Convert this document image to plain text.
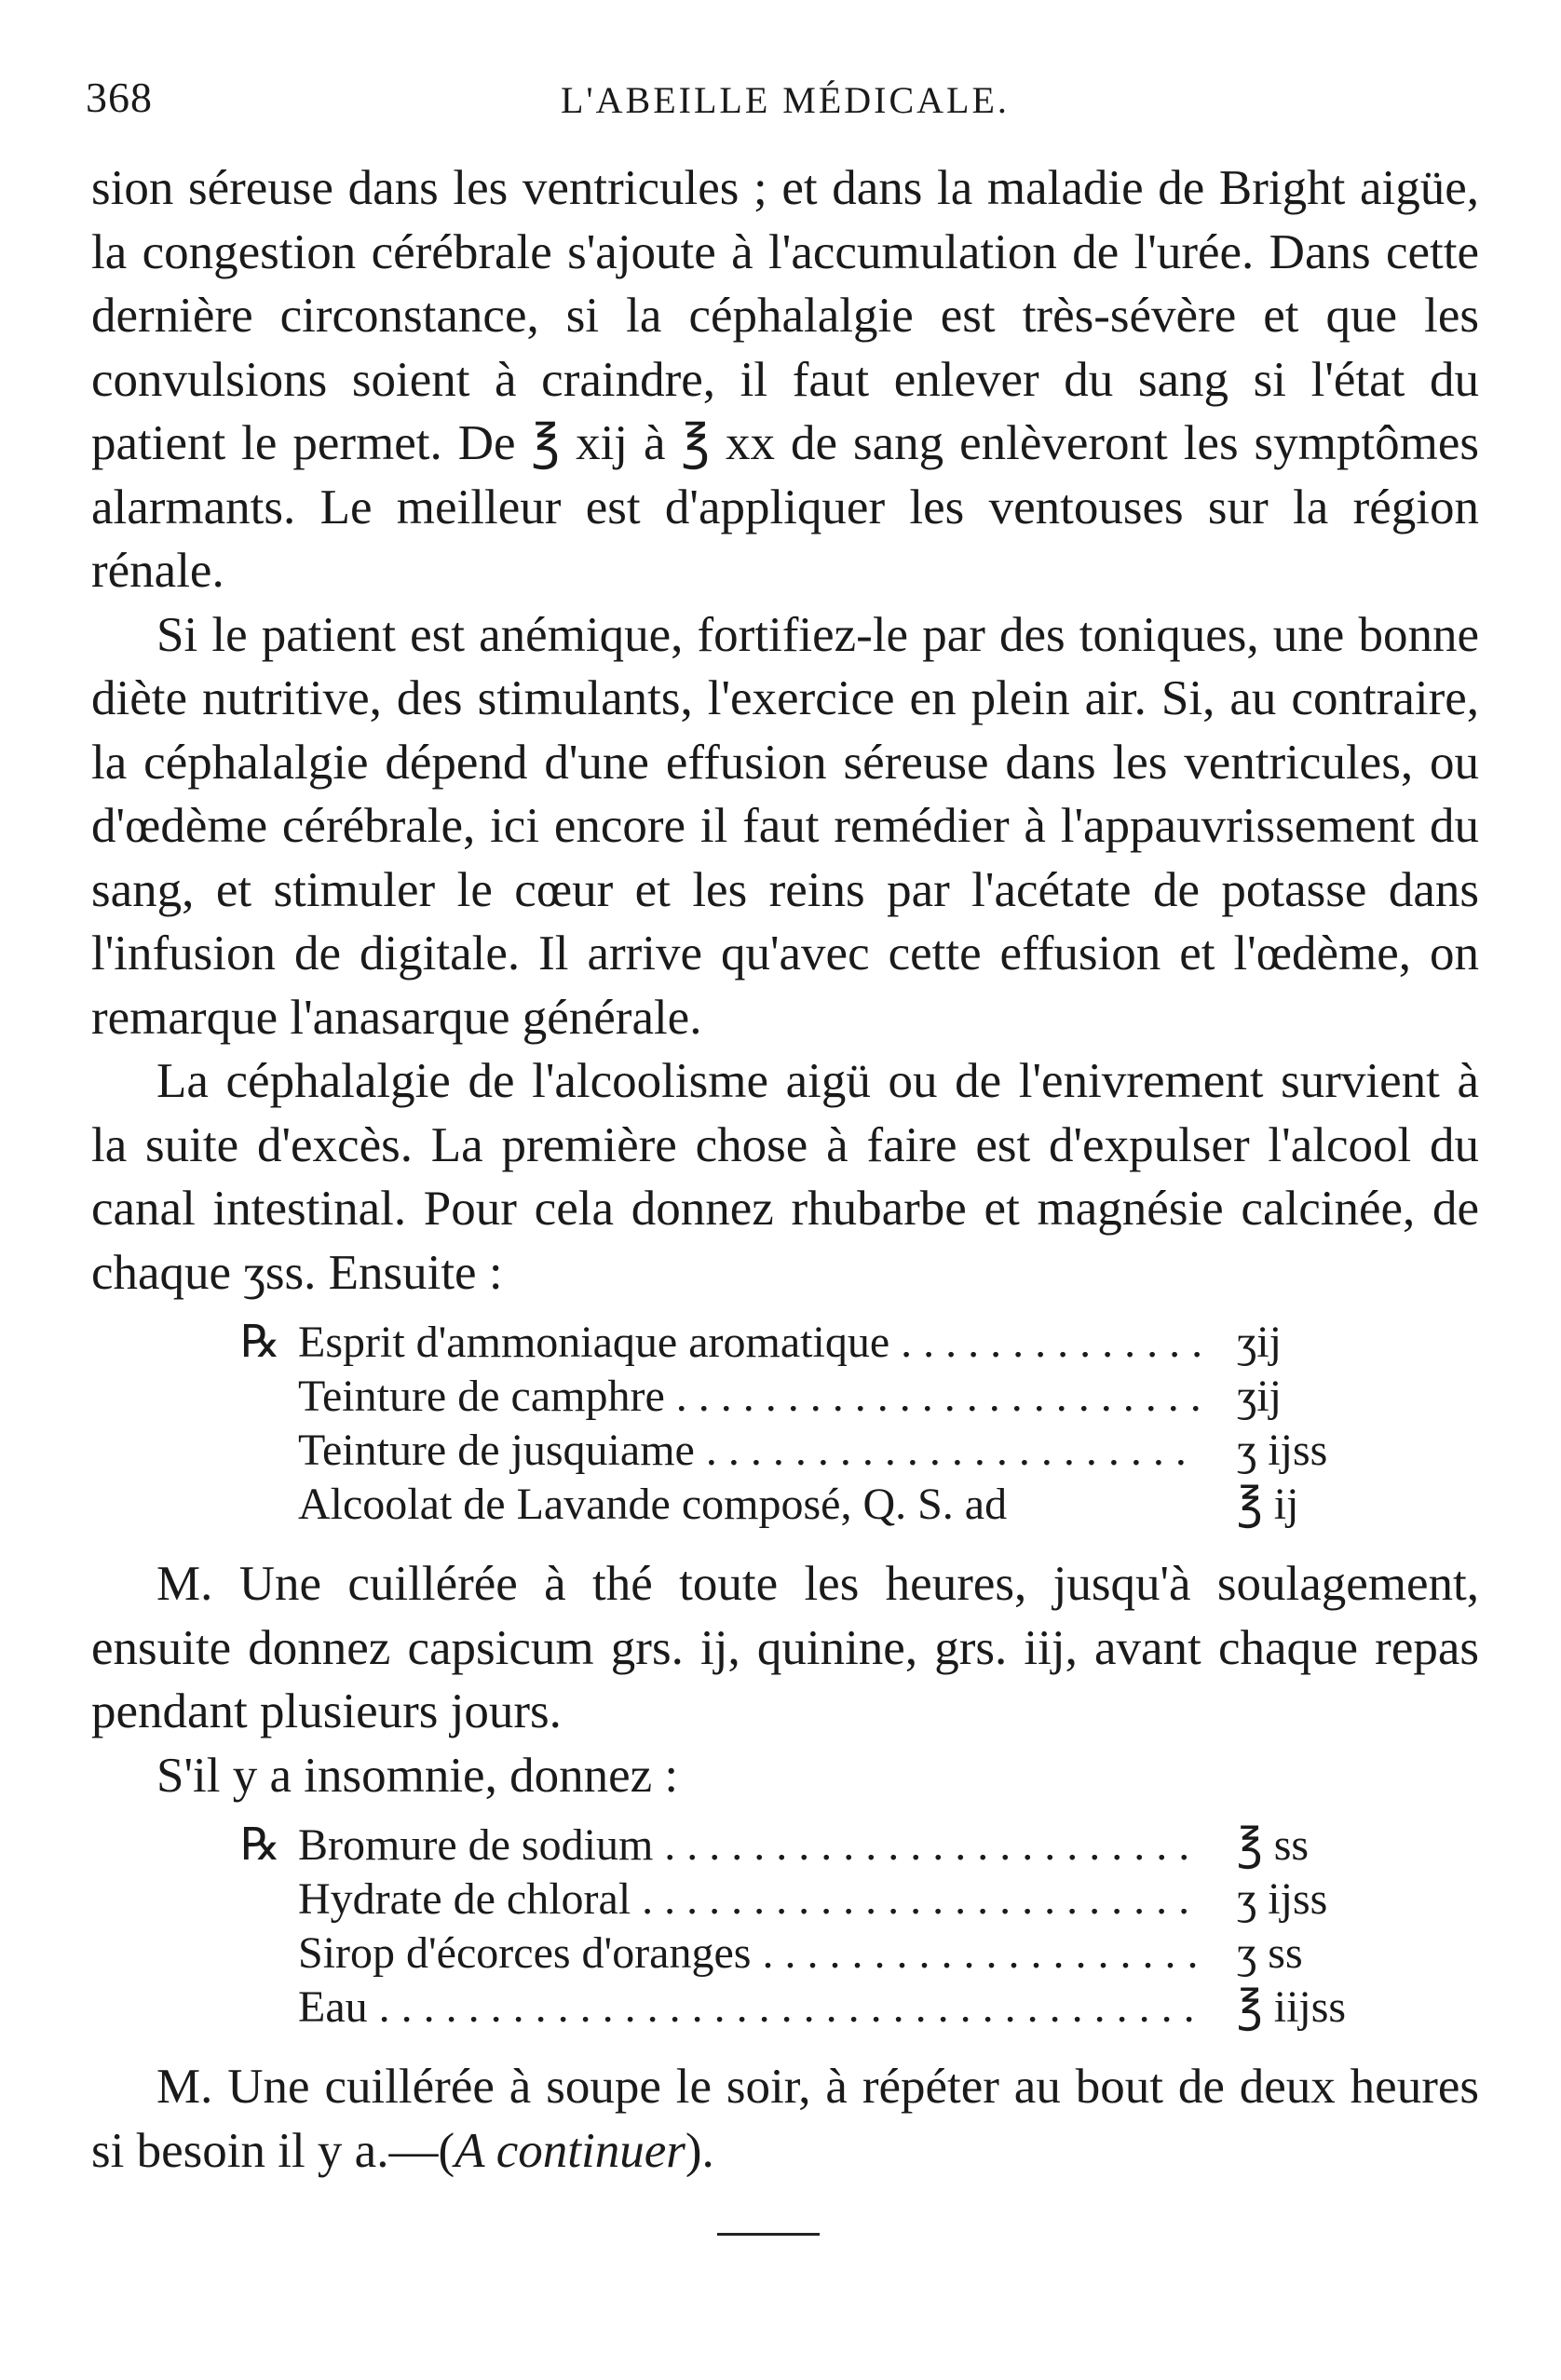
368	L'ABEILLE MÉDICALE.

sion séreuse dans les ventricules ; et dans la maladie de Bright aigüe, la congestion cérébrale s'ajoute à l'accumulation de l'urée. Dans cette dernière circonstance, si la céphalalgie est très-sévère et que les convulsions soient à craindre, il faut enlever du sang si l'état du patient le permet. De ℥ xij à ℥ xx de sang enlèveront les symptômes alarmants. Le meilleur est d'appliquer les ventouses sur la région rénale.

Si le patient est anémique, fortifiez-le par des toniques, une bonne diète nutritive, des stimulants, l'exercice en plein air. Si, au contraire, la céphalalgie dépend d'une effusion séreuse dans les ventricules, ou d'œdème cérébrale, ici encore il faut remédier à l'appauvrissement du sang, et stimuler le cœur et les reins par l'acétate de potasse dans l'infusion de digitale. Il arrive qu'avec cette effusion et l'œdème, on remarque l'anasarque générale.

La céphalalgie de l'alcoolisme aigü ou de l'enivrement survient à la suite d'excès. La première chose à faire est d'expulser l'alcool du canal intestinal. Pour cela donnez rhubarbe et magnésie calcinée, de chaque ʒss. Ensuite :

℞ Esprit d'ammoniaque aromatique . . .	ʒij
Teinture de camphre . . .	ʒij
Teinture de jusquiame . . .	ʒ ijss
Alcoolat de Lavande composé, Q. S. ad	℥ ij

M. Une cuillérée à thé toute les heures, jusqu'à soulagement, ensuite donnez capsicum grs. ij, quinine, grs. iij, avant chaque repas pendant plusieurs jours.

S'il y a insomnie, donnez :

℞ Bromure de sodium . . .	℥ ss
Hydrate de chloral . . .	ʒ ijss
Sirop d'écorces d'oranges . . .	ʒ ss
Eau . . .	℥ iijss

M. Une cuillérée à soupe le soir, à répéter au bout de deux heures si besoin il y a.—(A continuer).
